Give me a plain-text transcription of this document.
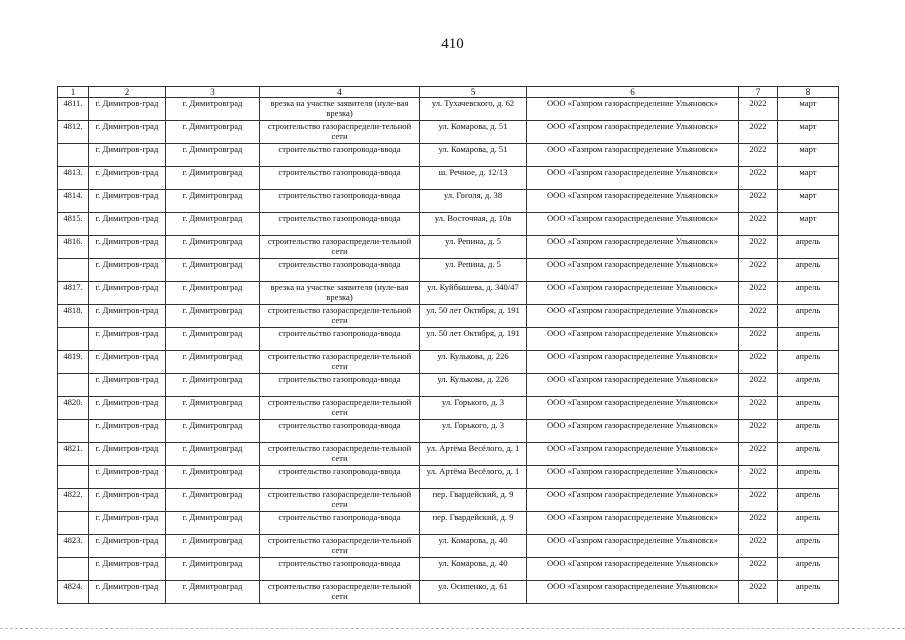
410
1	2	3	4	5	6	7	8
4811.	г. Димитров-град	г. Димитровград	врезка на участке заявителя (нуле-вая врезка)	ул. Тухачевского, д. 62	ООО «Газпром газораспределение Ульяновск»	2022	март
4812.	г. Димитров-град	г. Димитровград	строительство газораспредели-тельной сети	ул. Комарова, д. 51	ООО «Газпром газораспределение Ульяновск»	2022	март
	г. Димитров-град	г. Димитровград	строительство газопровода-ввода	ул. Комарова, д. 51	ООО «Газпром газораспределение Ульяновск»	2022	март
4813.	г. Димитров-град	г. Димитровград	строительство газопровода-ввода	ш. Речное, д. 12/13	ООО «Газпром газораспределение Ульяновск»	2022	март
4814.	г. Димитров-град	г. Димитровград	строительство газопровода-ввода	ул. Гоголя, д. 38	ООО «Газпром газораспределение Ульяновск»	2022	март
4815.	г. Димитров-град	г. Димитровград	строительство газопровода-ввода	ул. Восточная, д. 10в	ООО «Газпром газораспределение Ульяновск»	2022	март
4816.	г. Димитров-град	г. Димитровград	строительство газораспредели-тельной сети	ул. Репина, д. 5	ООО «Газпром газораспределение Ульяновск»	2022	апрель
	г. Димитров-град	г. Димитровград	строительство газопровода-ввода	ул. Репина, д. 5	ООО «Газпром газораспределение Ульяновск»	2022	апрель
4817.	г. Димитров-град	г. Димитровград	врезка на участке заявителя (нуле-вая врезка)	ул. Куйбышева, д. 340/47	ООО «Газпром газораспределение Ульяновск»	2022	апрель
4818.	г. Димитров-град	г. Димитровград	строительство газораспредели-тельной сети	ул. 50 лет Октября, д. 191	ООО «Газпром газораспределение Ульяновск»	2022	апрель
	г. Димитров-град	г. Димитровград	строительство газопровода-ввода	ул. 50 лет Октября, д. 191	ООО «Газпром газораспределение Ульяновск»	2022	апрель
4819.	г. Димитров-град	г. Димитровград	строительство газораспредели-тельной сети	ул. Кулькова, д. 226	ООО «Газпром газораспределение Ульяновск»	2022	апрель
	г. Димитров-град	г. Димитровград	строительство газопровода-ввода	ул. Кулькова, д. 226	ООО «Газпром газораспределение Ульяновск»	2022	апрель
4820.	г. Димитров-град	г. Димитровград	строительство газораспредели-тельной сети	ул. Горького, д. 3	ООО «Газпром газораспределение Ульяновск»	2022	апрель
	г. Димитров-град	г. Димитровград	строительство газопровода-ввода	ул. Горького, д. 3	ООО «Газпром газораспределение Ульяновск»	2022	апрель
4821.	г. Димитров-град	г. Димитровград	строительство газораспредели-тельной сети	ул. Артёма Весёлого, д. 1	ООО «Газпром газораспределение Ульяновск»	2022	апрель
	г. Димитров-град	г. Димитровград	строительство газопровода-ввода	ул. Артёма Весёлого, д. 1	ООО «Газпром газораспределение Ульяновск»	2022	апрель
4822.	г. Димитров-град	г. Димитровград	строительство газораспредели-тельной сети	пер. Гвардейский, д. 9	ООО «Газпром газораспределение Ульяновск»	2022	апрель
	г. Димитров-град	г. Димитровград	строительство газопровода-ввода	пер. Гвардейский, д. 9	ООО «Газпром газораспределение Ульяновск»	2022	апрель
4823.	г. Димитров-град	г. Димитровград	строительство газораспредели-тельной сети	ул. Комарова, д. 40	ООО «Газпром газораспределение Ульяновск»	2022	апрель
	г. Димитров-град	г. Димитровград	строительство газопровода-ввода	ул. Комарова, д. 40	ООО «Газпром газораспределение Ульяновск»	2022	апрель
4824.	г. Димитров-град	г. Димитровград	строительство газораспредели-тельной сети	ул. Осипенко, д. 61	ООО «Газпром газораспределение Ульяновск»	2022	апрель
